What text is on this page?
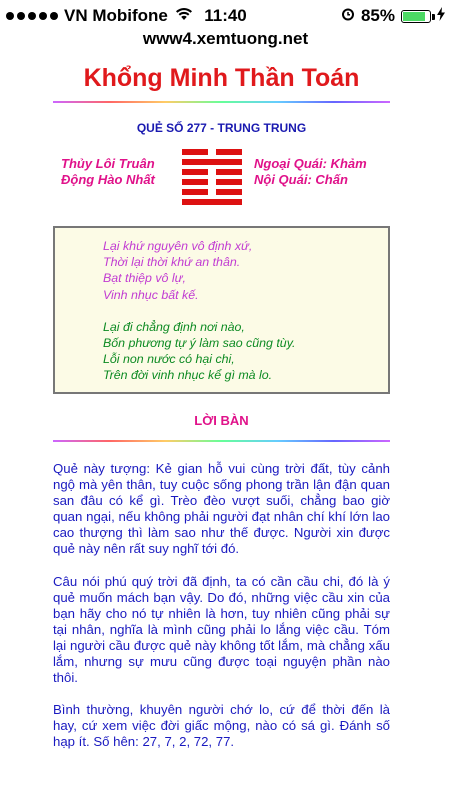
VN Mobifone	11:40	85%
www4.xemtuong.net
Khổng Minh Thần Toán
QUẺ SỐ 277 - TRUNG TRUNG
Thủy Lôi Truân
Động Hào Nhất
Ngoại Quái: Khảm
Nội Quái: Chấn
Lại khứ nguyên vô định xứ,
Thời lại thời khứ an thân.
Bạt thiệp vô lự,
Vinh nhục bất kế.
Lại đi chẳng định nơi nào,
Bốn phương tự ý làm sao cũng tùy.
Lỗi non nước có hại chi,
Trên đời vinh nhục kể gì mà lo.
LỜI BÀN

Quẻ này tượng: Kẻ gian hỗ vui cùng trời đất, tùy cảnh ngộ mà yên thân, tuy cuộc sống phong trần lận đận quan san đâu có kể gì. Trèo đèo vượt suối, chẳng bao giờ quan ngại, nếu không phải người đạt nhân chí khí lớn lao cao thượng thì làm sao như thế được. Người xin được quẻ này nên rất suy nghĩ tới đó.

Câu nói phú quý trời đã định, ta có cần cầu chi, đó là ý quẻ muốn mách bạn vậy. Do đó, những việc cầu xin của bạn hãy cho nó tự nhiên là hơn, tuy nhiên cũng phải sự tại nhân, nghĩa là mình cũng phải lo lắng việc cầu. Tóm lại người cầu được quẻ này không tốt lắm, mà chẳng xấu lắm, nhưng sự mưu cũng được toại nguyện phần nào thôi.

Bình thường, khuyên người chớ lo, cứ để thời đến là hay, cứ xem việc đời giấc mộng, nào có sá gì. Đánh số hạp ít. Số hên: 27, 7, 2, 72, 77.
